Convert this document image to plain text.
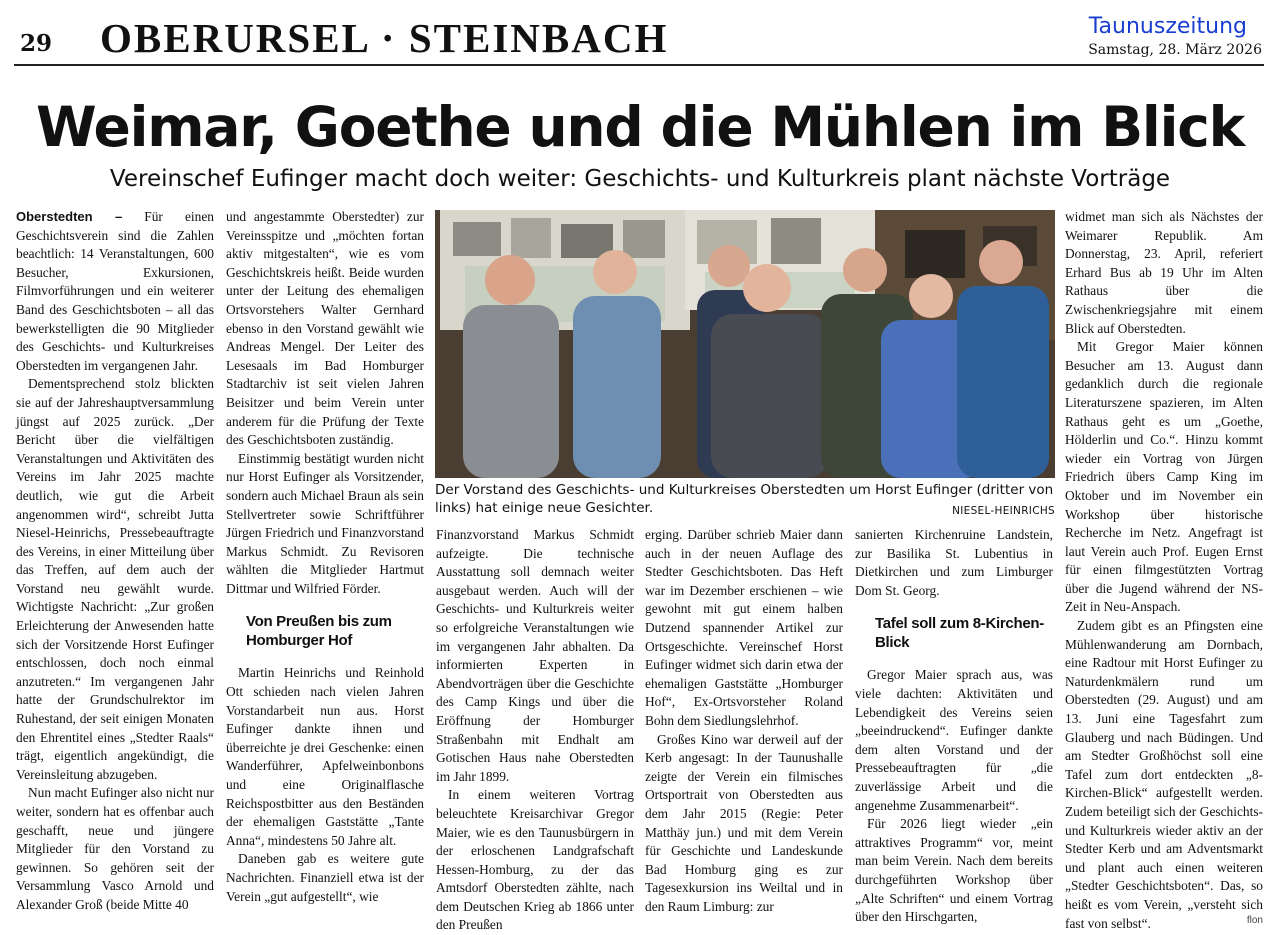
29 OBERURSEL · STEINBACH	Taunuszeitung
Samstag, 28. März 2026
Weimar, Goethe und die Mühlen im Blick
Vereinschef Eufinger macht doch weiter: Geschichts- und Kulturkreis plant nächste Vorträge

Oberstedten – Für einen Geschichtsverein sind die Zahlen beachtlich: 14 Veranstaltungen, 600 Besucher, Exkursionen, Filmvorführungen und ein weiterer Band des Geschichtsboten – all das bewerkstelligten die 90 Mitglieder des Geschichts- und Kulturkreises Oberstedten im vergangenen Jahr.

Dementsprechend stolz blickten sie auf der Jahreshauptversammlung jüngst auf 2025 zurück. „Der Bericht über die vielfältigen Veranstaltungen und Aktivitäten des Vereins im Jahr 2025 machte deutlich, wie gut die Arbeit angenommen wird“, schreibt Jutta Niesel-Heinrichs, Pressebeauftragte des Vereins, in einer Mitteilung über das Treffen, auf dem auch der Vorstand neu gewählt wurde. Wichtigste Nachricht: „Zur großen Erleichterung der Anwesenden hatte sich der Vorsitzende Horst Eufinger entschlossen, doch noch einmal anzutreten.“ Im vergangenen Jahr hatte der Grundschulrektor im Ruhestand, der seit einigen Monaten den Ehrentitel eines „Stedter Raals“ trägt, eigentlich angekündigt, die Vereinsleitung abzugeben.

Nun macht Eufinger also nicht nur weiter, sondern hat es offenbar auch geschafft, neue und jüngere Mitglieder für den Vorstand zu gewinnen. So gehören seit der Versammlung Vasco Arnold und Alexander Groß (beide Mitte 40

und angestammte Oberstedter) zur Vereinsspitze und „möchten fortan aktiv mitgestalten“, wie es vom Geschichtskreis heißt. Beide wurden unter der Leitung des ehemaligen Ortsvorstehers Walter Gernhard ebenso in den Vorstand gewählt wie Andreas Mengel. Der Leiter des Lesesaals im Bad Homburger Stadtarchiv ist seit vielen Jahren Beisitzer und beim Verein unter anderem für die Prüfung der Texte des Geschichtsboten zuständig.

Einstimmig bestätigt wurden nicht nur Horst Eufinger als Vorsitzender, sondern auch Michael Braun als sein Stellvertreter sowie Schriftführer Jürgen Friedrich und Finanzvorstand Markus Schmidt. Zu Revisoren wählten die Mitglieder Hartmut Dittmar und Wilfried Förder.

Von Preußen bis zum Homburger Hof

Martin Heinrichs und Reinhold Ott schieden nach vielen Jahren Vorstandarbeit nun aus. Horst Eufinger dankte ihnen und überreichte je drei Geschenke: einen Wanderführer, Apfelweinbonbons und eine Originalflasche Reichspostbitter aus den Beständen der ehemaligen Gaststätte „Tante Anna“, mindestens 50 Jahre alt.

Daneben gab es weitere gute Nachrichten. Finanziell etwa ist der Verein „gut aufgestellt“, wie

Der Vorstand des Geschichts- und Kulturkreises Oberstedten um Horst Eufinger (dritter von links) hat einige neue Gesichter.	NIESEL-HEINRICHS

Finanzvorstand Markus Schmidt aufzeigte. Die technische Ausstattung soll demnach weiter ausgebaut werden. Auch will der Geschichts- und Kulturkreis weiter so erfolgreiche Veranstaltungen wie im vergangenen Jahr abhalten. Da informierten Experten in Abendvorträgen über die Geschichte des Camp Kings und über die Eröffnung der Homburger Straßenbahn mit Endhalt am Gotischen Haus nahe Oberstedten im Jahr 1899.

In einem weiteren Vortrag beleuchtete Kreisarchivar Gregor Maier, wie es den Taunusbürgern in der erloschenen Landgrafschaft Hessen-Homburg, zu der das Amtsdorf Oberstedten zählte, nach dem Deutschen Krieg ab 1866 unter den Preußen

erging. Darüber schrieb Maier dann auch in der neuen Auflage des Stedter Geschichtsboten. Das Heft war im Dezember erschienen – wie gewohnt mit gut einem halben Dutzend spannender Artikel zur Ortsgeschichte. Vereinschef Horst Eufinger widmet sich darin etwa der ehemaligen Gaststätte „Homburger Hof“, Ex-Ortsvorsteher Roland Bohn dem Siedlungslehrhof.

Großes Kino war derweil auf der Kerb angesagt: In der Taunushalle zeigte der Verein ein filmisches Ortsportrait von Oberstedten aus dem Jahr 2015 (Regie: Peter Matthäy jun.) und mit dem Verein für Geschichte und Landeskunde Bad Homburg ging es zur Tagesexkursion ins Weiltal und in den Raum Limburg: zur

sanierten Kirchenruine Landstein, zur Basilika St. Lubentius in Dietkirchen und zum Limburger Dom St. Georg.

Tafel soll zum 8-Kirchen-Blick

Gregor Maier sprach aus, was viele dachten: Aktivitäten und Lebendigkeit des Vereins seien „beeindruckend“. Eufinger dankte dem alten Vorstand und der Pressebeauftragten für „die zuverlässige Arbeit und die angenehme Zusammenarbeit“.

Für 2026 liegt wieder „ein attraktives Programm“ vor, meint man beim Verein. Nach dem bereits durchgeführten Workshop über „Alte Schriften“ und einem Vortrag über den Hirschgarten,

widmet man sich als Nächstes der Weimarer Republik. Am Donnerstag, 23. April, referiert Erhard Bus ab 19 Uhr im Alten Rathaus über die Zwischenkriegsjahre mit einem Blick auf Oberstedten.

Mit Gregor Maier können Besucher am 13. August dann gedanklich durch die regionale Literaturszene spazieren, im Alten Rathaus geht es um „Goethe, Hölderlin und Co.“. Hinzu kommt wieder ein Vortrag von Jürgen Friedrich übers Camp King im Oktober und im November ein Workshop über historische Recherche im Netz. Angefragt ist laut Verein auch Prof. Eugen Ernst für einen filmgestützten Vortrag über die Jugend während der NS-Zeit in Neu-Anspach.

Zudem gibt es an Pfingsten eine Mühlenwanderung am Dornbach, eine Radtour mit Horst Eufinger zu Naturdenkmälern rund um Oberstedten (29. August) und am 13. Juni eine Tagesfahrt zum Glauberg und nach Büdingen. Und am Stedter Großhöchst soll eine Tafel zum dort entdeckten „8-Kirchen-Blick“ aufgestellt werden. Zudem beteiligt sich der Geschichts- und Kulturkreis wieder aktiv an der Stedter Kerb und am Adventsmarkt und plant auch einen weiteren „Stedter Geschichtsboten“. Das, so heißt es vom Verein, „versteht sich fast von selbst“.	flon
